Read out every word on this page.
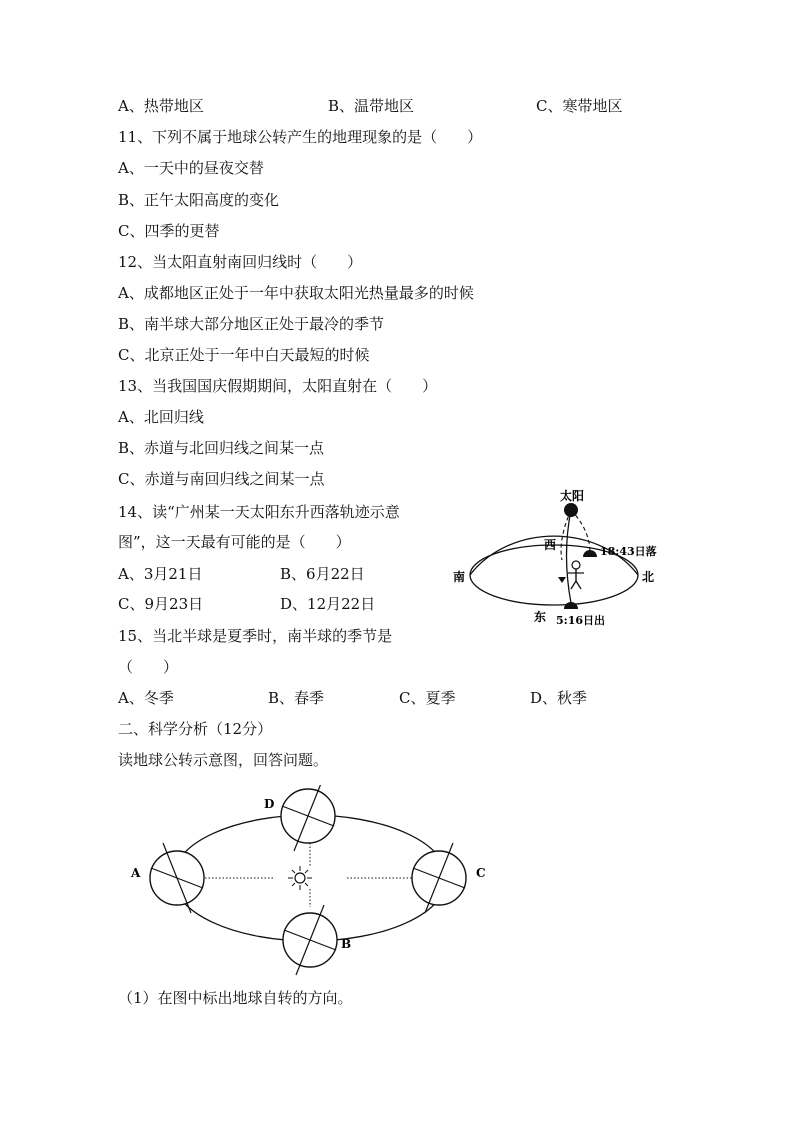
A、热带地区	B、温带地区	C、寒带地区
11、下列不属于地球公转产生的地理现象的是（　　）
A、一天中的昼夜交替
B、正午太阳高度的变化
C、四季的更替
12、当太阳直射南回归线时（　　）
A、成都地区正处于一年中获取太阳光热量最多的时候
B、南半球大部分地区正处于最冷的季节
C、北京正处于一年中白天最短的时候
13、当我国国庆假期期间，太阳直射在（　　）
A、北回归线
B、赤道与北回归线之间某一点
C、赤道与南回归线之间某一点
14、读“广州某一天太阳东升西落轨迹示意
图”，这一天最有可能的是（　　）
A、3月21日	B、6月22日
C、9月23日	D、12月22日
太阳
西
南	北
东
18:43日落
5:16日出
15、当北半球是夏季时，南半球的季节是
（　　）
A、冬季	B、春季	C、夏季	D、秋季
二、科学分析（12分）
读地球公转示意图，回答问题。
A
B
C
D
（1）在图中标出地球自转的方向。
